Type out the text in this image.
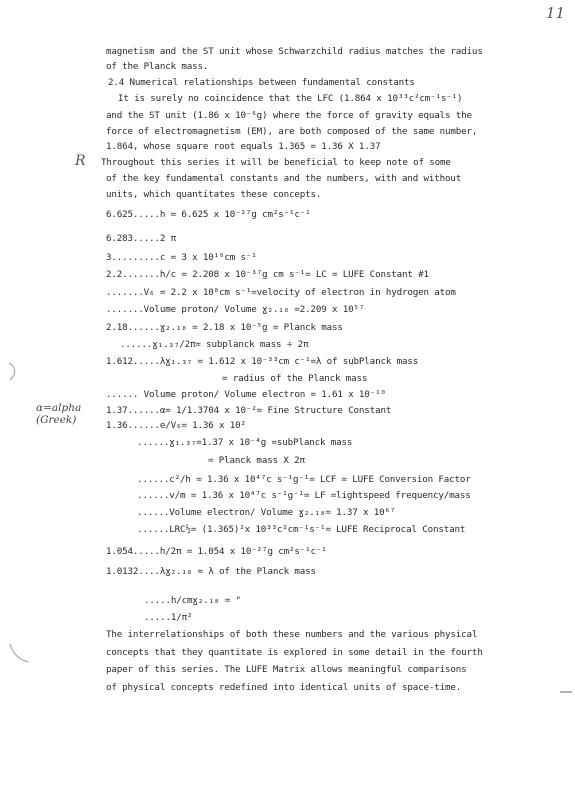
11
R
α=alpha
(Greek)
magnetism and the ST unit whose Schwarzchild radius matches the radius
of the Planck mass.
2.4 Numerical relationships between fundamental constants
It is surely no coincidence that the LFC (1.864 x 10³³c²cm⁻¹s⁻¹)
and the ST unit (1.86 x 10⁻⁶g) where the force of gravity equals the
force of electromagnetism (EM), are both composed of the same number,
1.864, whose square root equals 1.365 = 1.36 X 1.37
Throughout this series it will be beneficial to keep note of some
of the key fundamental constants and the numbers, with and without
units, which quantitates these concepts.
6.625.....h = 6.625 x 10⁻²⁷g cm²s⁻¹c⁻¹
6.283.....2 π
3.........c = 3 x 10¹⁰cm s⁻¹
2.2.......h/c = 2.208 x 10⁻³⁷g cm s⁻¹= LC = LUFE Constant #1
.......V₆ = 2.2 x 10⁸cm s⁻¹=velocity of electron in hydrogen atom
.......Volume proton/ Volume ɣ₂.₁₈ =2.209 x 10⁵⁷
2.18......ɣ₂.₁₈ = 2.18 x 10⁻⁵g = Planck mass
......ɣ₁.₃₇/2π= subplanck mass ÷ 2π
1.612.....λɣ₁.₃₇ = 1.612 x 10⁻³³cm c⁻¹=λ of subPlanck mass
= radius of the Planck mass
...... Volume proton/ Volume electron = 1.61 x 10⁻¹⁰
1.37......α= 1/1.3704 x 10⁻²= Fine Structure Constant
1.36......e/V₆= 1.36 x 10²
......ɣ₁.₃₇=1.37 x 10⁻⁴g =subPlanck mass
= Planck mass X 2π
......c²/h = 1.36 x 10⁴⁷c s⁻¹g⁻¹= LCF = LUFE Conversion Factor
......v/m = 1.36 x 10⁴⁷c s⁻¹g⁻¹= LF =lightspeed frequency/mass
......Volume electron/ Volume ɣ₂.₁₈= 1.37 x 10⁶⁷
......LRC½= (1.365)²x 10³³c²cm⁻¹s⁻¹= LUFE Reciprocal Constant
1.054.....h/2π = 1.054 x 10⁻²⁷g cm²s⁻¹c⁻¹
1.0132....λɣ₂.₁₈ = λ of the Planck mass
.....h/cmɣ₂.₁₈ = "
.....1/π²
The interrelationships of both these numbers and the various physical
concepts that they quantitate is explored in some detail in the fourth
paper of this series. The LUFE Matrix allows meaningful comparisons
of physical concepts redefined into identical units of space-time.
